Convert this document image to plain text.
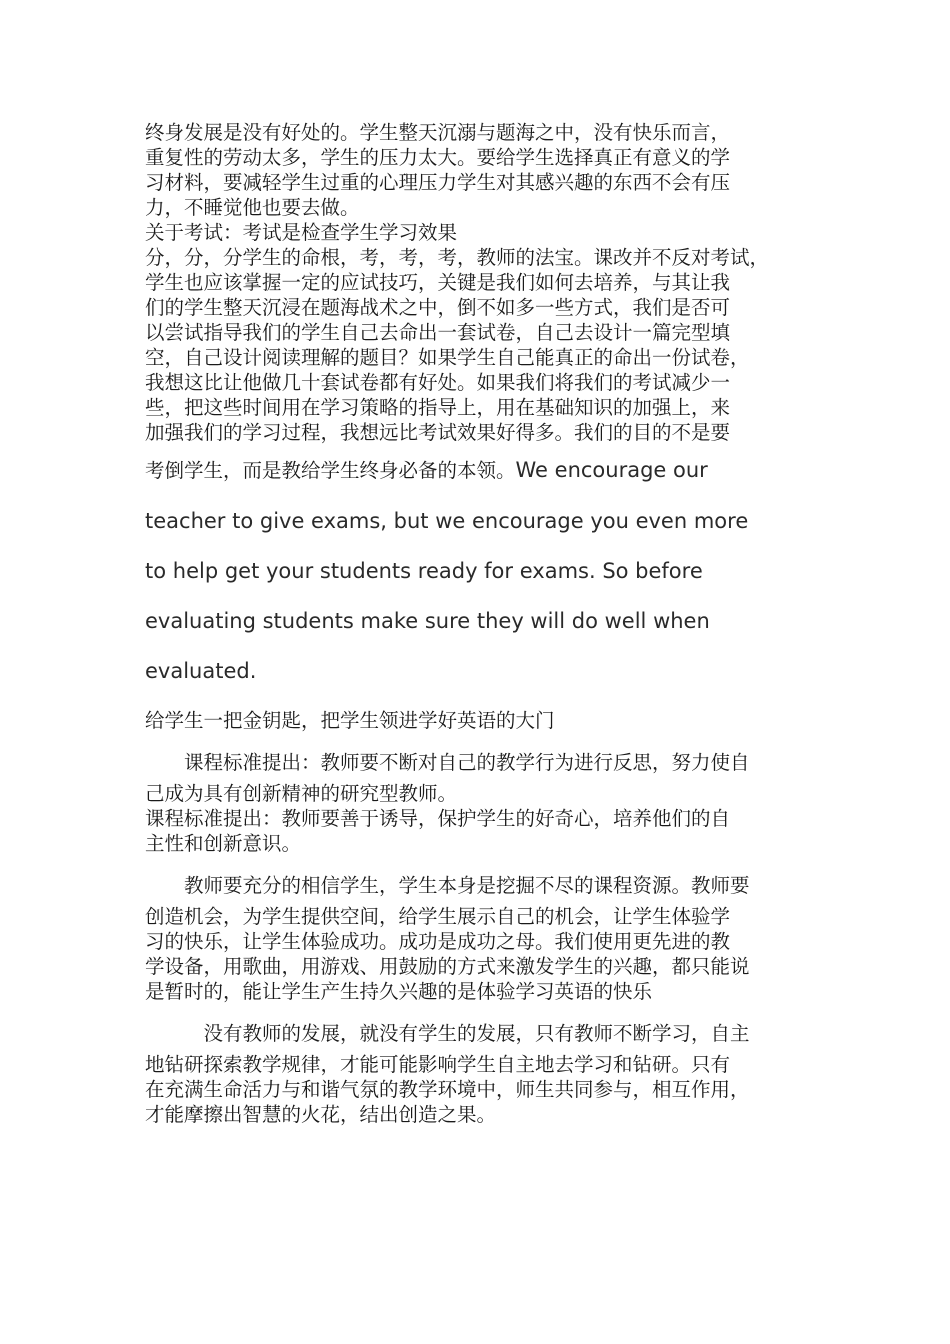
终身发展是没有好处的。学生整天沉溺与题海之中，没有快乐而言，
重复性的劳动太多，学生的压力太大。要给学生选择真正有意义的学
习材料，要减轻学生过重的心理压力学生对其感兴趣的东西不会有压
力，不睡觉他也要去做。
关于考试：考试是检查学生学习效果
分，分，分学生的命根，考，考，考，教师的法宝。课改并不反对考试，
学生也应该掌握一定的应试技巧，关键是我们如何去培养，与其让我
们的学生整天沉浸在题海战术之中，倒不如多一些方式，我们是否可
以尝试指导我们的学生自己去命出一套试卷，自己去设计一篇完型填
空，自己设计阅读理解的题目？如果学生自己能真正的命出一份试卷，
我想这比让他做几十套试卷都有好处。如果我们将我们的考试减少一
些，把这些时间用在学习策略的指导上，用在基础知识的加强上，来
加强我们的学习过程，我想远比考试效果好得多。我们的目的不是要

考倒学生，而是教给学生终身必备的本领。We encourage our
teacher to give exams, but we encourage you even more
to help get your students ready for exams. So before
evaluating students make sure they will do well when
evaluated.

给学生一把金钥匙，把学生领进学好英语的大门

课程标准提出：教师要不断对自己的教学行为进行反思，努力使自

己成为具有创新精神的研究型教师。
课程标准提出：教师要善于诱导，保护学生的好奇心，培养他们的自
主性和创新意识。

教师要充分的相信学生，学生本身是挖掘不尽的课程资源。教师要

创造机会，为学生提供空间，给学生展示自己的机会，让学生体验学
习的快乐，让学生体验成功。成功是成功之母。我们使用更先进的教
学设备，用歌曲，用游戏、用鼓励的方式来激发学生的兴趣，都只能说
是暂时的，能让学生产生持久兴趣的是体验学习英语的快乐

没有教师的发展，就没有学生的发展，只有教师不断学习，自主

地钻研探索教学规律，才能可能影响学生自主地去学习和钻研。只有
在充满生命活力与和谐气氛的教学环境中，师生共同参与，相互作用，
才能摩擦出智慧的火花，结出创造之果。
